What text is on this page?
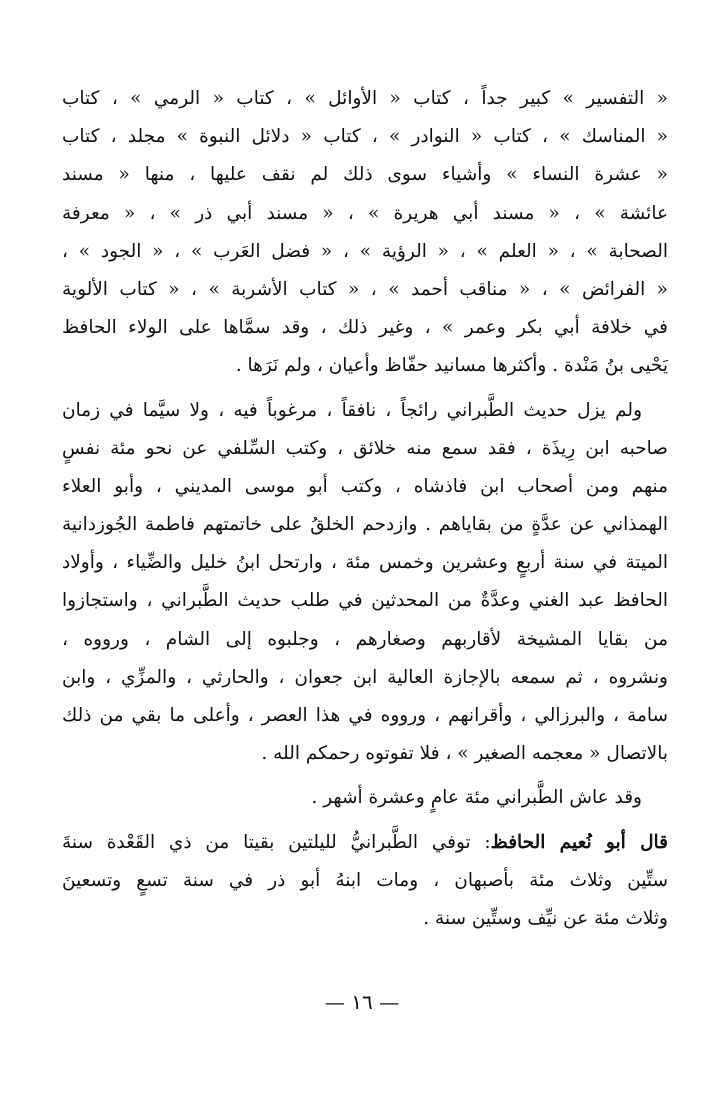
« التفسير » كبير جداً ، كتاب « الأوائل » ، كتاب « الرمي » ، كتاب
« المناسك » ، كتاب « النوادر » ، كتاب « دلائل النبوة » مجلد ، كتاب
« عشرة النساء » وأشياء سوى ذلك لم نقف عليها ، منها « مسند
عائشة » ، « مسند أبي هريرة » ، « مسند أبي ذر » ، « معرفة
الصحابة » ، « العلم » ، « الرؤية » ، « فضل العَرب » ، « الجود » ،
« الفرائض » ، « مناقب أحمد » ، « كتاب الأشربة » ، « كتاب الألوية
في خلافة أبي بكر وعمر » ، وغير ذلك ، وقد سمَّاها على الولاء الحافظ
يَحْيى بنُ مَنْدة . وأكثرها مسانيد حفّاظ وأعيان ، ولم نَرَها .
ولم يزل حديث الطَّبراني رائجاً ، نافقاً ، مرغوباً فيه ، ولا سيَّما في زمان
صاحبه ابن رِيذَة ، فقد سمع منه خلائق ، وكتب السِّلفي عن نحو مئة نفسٍ
منهم ومن أصحاب ابن فاذشاه ، وكتب أبو موسى المديني ، وأبو العلاء
الهمذاني عن عدَّةٍ من بقاياهم . وازدحم الخلقُ على خاتمتهم فاطمة الجُوزدانية
الميتة في سنة أربعٍ وعشرين وخمس مئة ، وارتحل ابنُ خليل والضِّياء ، وأولاد
الحافظ عبد الغني وعدَّةٌ من المحدثين في طلب حديث الطَّبراني ، واستجازوا
من بقايا المشيخة لأقاربهم وصغارهم ، وجلبوه إلى الشام ، ورووه ،
ونشروه ، ثم سمعه بالإجازة العالية ابن جعوان ، والحارثي ، والمزِّي ، وابن
سامة ، والبرزالي ، وأقرانهم ، ورووه في هذا العصر ، وأعلى ما بقي من ذلك
بالاتصال « معجمه الصغير » ، فلا تفوتوه رحمكم الله .
وقد عاش الطَّبراني مئة عامٍ وعشرة أشهر .
قال أبو نُعيم الحافظ: توفي الطَّبرانيُّ لليلتين بقيتا من ذي القَعْدة سنةَ
ستِّين وثلاث مئة بأصبهان ، ومات ابنهُ أبو ذر في سنة تسعٍ وتسعينَ
وثلاث مئة عن نيِّف وستِّين سنة .
— ١٦ —
